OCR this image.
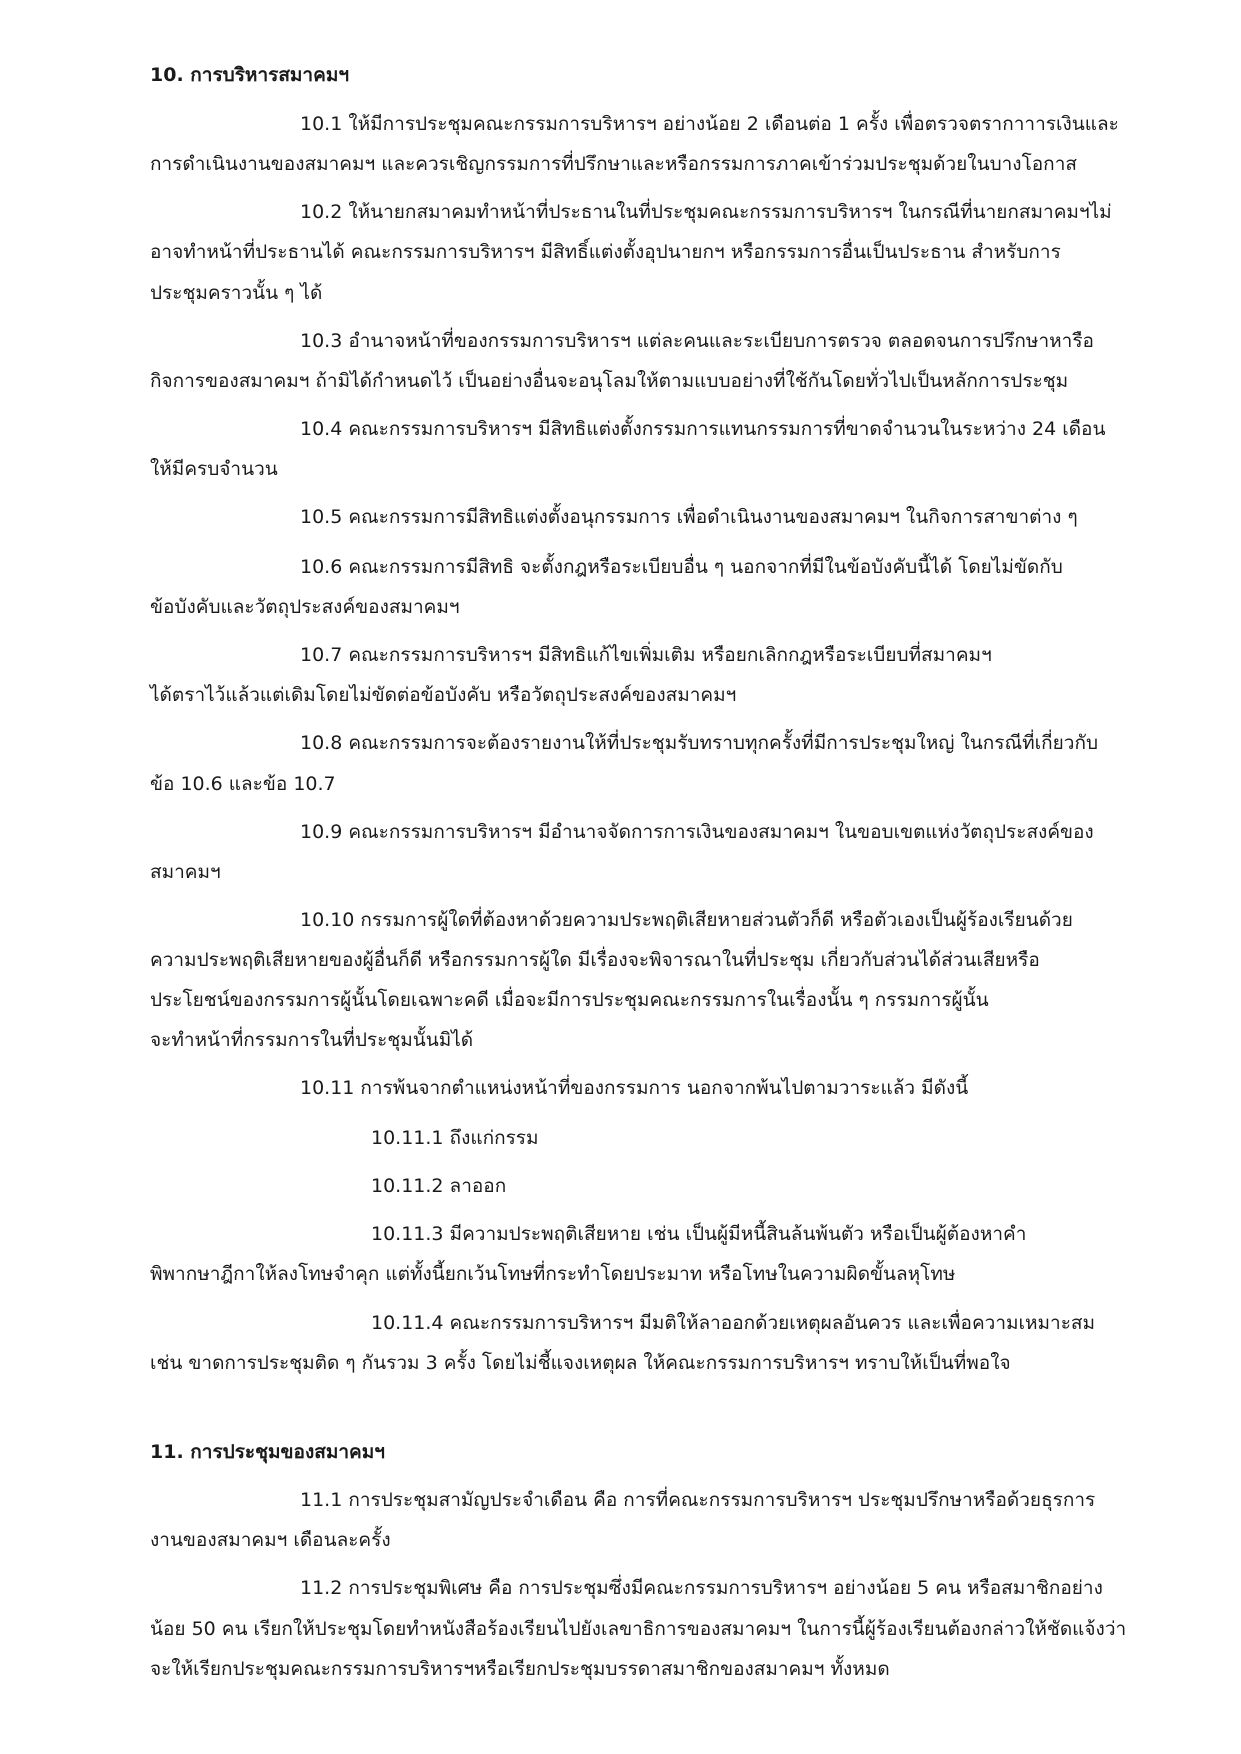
10. การบริหารสมาคมฯ
10.1 ให้มีการประชุมคณะกรรมการบริหารฯ อย่างน้อย 2 เดือนต่อ 1 ครั้ง เพื่อตรวจตรากาาารเงินและ
การดำเนินงานของสมาคมฯ และควรเชิญกรรมการที่ปรึกษาและหรือกรรมการภาคเข้าร่วมประชุมด้วยในบางโอกาส
10.2 ให้นายกสมาคมทำหน้าที่ประธานในที่ประชุมคณะกรรมการบริหารฯ ในกรณีที่นายกสมาคมฯไม่
อาจทำหน้าที่ประธานได้ คณะกรรมการบริหารฯ มีสิทธิ์แต่งตั้งอุปนายกฯ หรือกรรมการอื่นเป็นประธาน สำหรับการ
ประชุมคราวนั้น ๆ ได้
10.3 อำนาจหน้าที่ของกรรมการบริหารฯ แต่ละคนและระเบียบการตรวจ ตลอดจนการปรึกษาหารือ
กิจการของสมาคมฯ ถ้ามิได้กำหนดไว้ เป็นอย่างอื่นจะอนุโลมให้ตามแบบอย่างที่ใช้กันโดยทั่วไปเป็นหลักการประชุม
10.4 คณะกรรมการบริหารฯ มีสิทธิแต่งตั้งกรรมการแทนกรรมการที่ขาดจำนวนในระหว่าง 24 เดือน
ให้มีครบจำนวน
10.5 คณะกรรมการมีสิทธิแต่งตั้งอนุกรรมการ เพื่อดำเนินงานของสมาคมฯ ในกิจการสาขาต่าง ๆ
10.6 คณะกรรมการมีสิทธิ จะตั้งกฎหรือระเบียบอื่น ๆ นอกจากที่มีในข้อบังคับนี้ได้ โดยไม่ขัดกับ
ข้อบังคับและวัตถุประสงค์ของสมาคมฯ
10.7 คณะกรรมการบริหารฯ มีสิทธิแก้ไขเพิ่มเติม หรือยกเลิกกฎหรือระเบียบที่สมาคมฯ
ได้ตราไว้แล้วแต่เดิมโดยไม่ขัดต่อข้อบังคับ หรือวัตถุประสงค์ของสมาคมฯ
10.8 คณะกรรมการจะต้องรายงานให้ที่ประชุมรับทราบทุกครั้งที่มีการประชุมใหญ่ ในกรณีที่เกี่ยวกับ
ข้อ 10.6 และข้อ 10.7
10.9 คณะกรรมการบริหารฯ มีอำนาจจัดการการเงินของสมาคมฯ ในขอบเขตแห่งวัตถุประสงค์ของ
สมาคมฯ
10.10 กรรมการผู้ใดที่ต้องหาด้วยความประพฤติเสียหายส่วนตัวก็ดี หรือตัวเองเป็นผู้ร้องเรียนด้วย
ความประพฤติเสียหายของผู้อื่นก็ดี หรือกรรมการผู้ใด มีเรื่องจะพิจารณาในที่ประชุม เกี่ยวกับส่วนได้ส่วนเสียหรือ
ประโยชน์ของกรรมการผู้นั้นโดยเฉพาะคดี เมื่อจะมีการประชุมคณะกรรมการในเรื่องนั้น ๆ กรรมการผู้นั้น
จะทำหน้าที่กรรมการในที่ประชุมนั้นมิได้
10.11 การพ้นจากตำแหน่งหน้าที่ของกรรมการ นอกจากพ้นไปตามวาระแล้ว มีดังนี้
10.11.1 ถึงแก่กรรม
10.11.2 ลาออก
10.11.3 มีความประพฤติเสียหาย เช่น เป็นผู้มีหนี้สินล้นพ้นตัว หรือเป็นผู้ต้องหาคำ
พิพากษาฎีกาให้ลงโทษจำคุก แต่ทั้งนี้ยกเว้นโทษที่กระทำโดยประมาท หรือโทษในความผิดขั้นลหุโทษ
10.11.4 คณะกรรมการบริหารฯ มีมติให้ลาออกด้วยเหตุผลอันควร และเพื่อความเหมาะสม
เช่น ขาดการประชุมติด ๆ กันรวม 3 ครั้ง โดยไม่ชี้แจงเหตุผล ให้คณะกรรมการบริหารฯ ทราบให้เป็นที่พอใจ
11. การประชุมของสมาคมฯ
11.1 การประชุมสามัญประจำเดือน คือ การที่คณะกรรมการบริหารฯ ประชุมปรึกษาหรือด้วยธุรการ
งานของสมาคมฯ เดือนละครั้ง
11.2 การประชุมพิเศษ คือ การประชุมซึ่งมีคณะกรรมการบริหารฯ อย่างน้อย 5 คน หรือสมาชิกอย่าง
น้อย 50 คน เรียกให้ประชุมโดยทำหนังสือร้องเรียนไปยังเลขาธิการของสมาคมฯ ในการนี้ผู้ร้องเรียนต้องกล่าวให้ชัดแจ้งว่า
จะให้เรียกประชุมคณะกรรมการบริหารฯหรือเรียกประชุมบรรดาสมาชิกของสมาคมฯ ทั้งหมด
